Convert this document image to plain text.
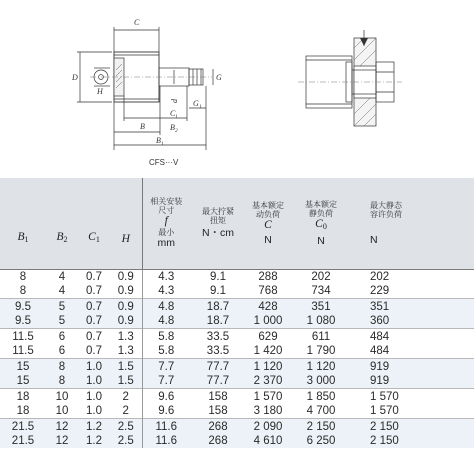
C
D
H
B
C 1
B 2
B 1
G 1
d
G
CFS···V
$B_1$	$B_2$	$C_1$	H	相关安装
尺寸
f
最小
mm	最大拧紧
扭矩
N・cm	基本额定
动负荷
C
N	基本额定
静负荷
$C_0$
N	最大静态
容许负荷

N

8	4	0.7	0.9	4.3	9.1	288	202	202
8	4	0.7	0.9	4.3	9.1	768	734	229
9.5	5	0.7	0.9	4.8	18.7	428	351	351
9.5	5	0.7	0.9	4.8	18.7	1 000	1 080	360
11.5	6	0.7	1.3	5.8	33.5	629	611	484
11.5	6	0.7	1.3	5.8	33.5	1 420	1 790	484
15	8	1.0	1.5	7.7	77.7	1 120	1 120	919
15	8	1.0	1.5	7.7	77.7	2 370	3 000	919
18	10	1.0	2	9.6	158	1 570	1 850	1 570
18	10	1.0	2	9.6	158	3 180	4 700	1 570
21.5	12	1.2	2.5	11.6	268	2 090	2 150	2 150
21.5	12	1.2	2.5	11.6	268	4 610	6 250	2 150
